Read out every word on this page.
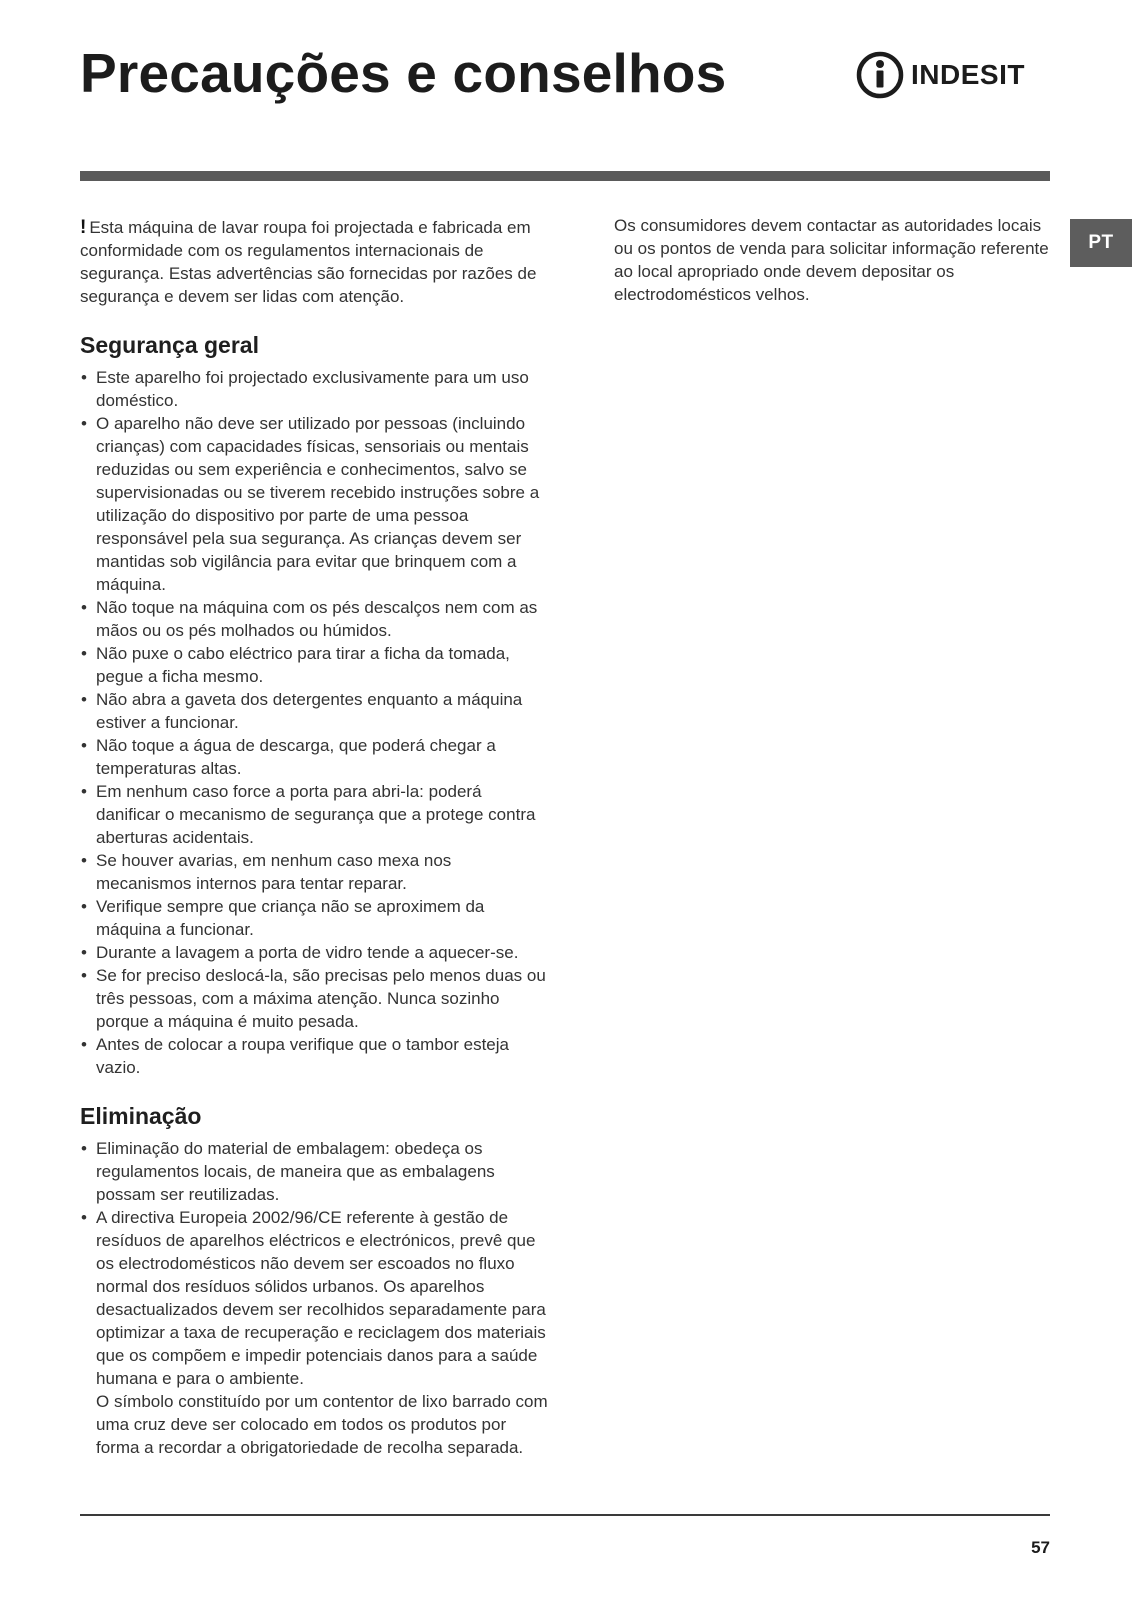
Precauções e conselhos	INDESIT
PT

! Esta máquina de lavar roupa foi projectada e fabricada em conformidade com os regulamentos internacionais de segurança. Estas advertências são fornecidas por razões de segurança e devem ser lidas com atenção.

Segurança geral
• Este aparelho foi projectado exclusivamente para um uso doméstico.
• O aparelho não deve ser utilizado por pessoas (incluindo crianças) com capacidades físicas, sensoriais ou mentais reduzidas ou sem experiência e conhecimentos, salvo se supervisionadas ou se tiverem recebido instruções sobre a utilização do dispositivo por parte de uma pessoa responsável pela sua segurança. As crianças devem ser mantidas sob vigilância para evitar que brinquem com a máquina.
• Não toque na máquina com os pés descalços nem com as mãos ou os pés molhados ou húmidos.
• Não puxe o cabo eléctrico para tirar a ficha da tomada, pegue a ficha mesmo.
• Não abra a gaveta dos detergentes enquanto a máquina estiver a funcionar.
• Não toque a água de descarga, que poderá chegar a temperaturas altas.
• Em nenhum caso force a porta para abri-la: poderá danificar o mecanismo de segurança que a protege contra aberturas acidentais.
• Se houver avarias, em nenhum caso mexa nos mecanismos internos para tentar reparar.
• Verifique sempre que criança não se aproximem da máquina a funcionar.
• Durante a lavagem a porta de vidro tende a aquecer-se.
• Se for preciso deslocá-la, são precisas pelo menos duas ou três pessoas, com a máxima atenção. Nunca sozinho porque a máquina é muito pesada.
• Antes de colocar a roupa verifique que o tambor esteja vazio.
Eliminação
• Eliminação do material de embalagem: obedeça os regulamentos locais, de maneira que as embalagens possam ser reutilizadas.
• A directiva Europeia 2002/96/CE referente à gestão de resíduos de aparelhos eléctricos e electrónicos, prevê que os electrodomésticos não devem ser escoados no fluxo normal dos resíduos sólidos urbanos. Os aparelhos desactualizados devem ser recolhidos separadamente para optimizar a taxa de recuperação e reciclagem dos materiais que os compõem e impedir potenciais danos para a saúde humana e para o ambiente.
O símbolo constituído por um contentor de lixo barrado com uma cruz deve ser colocado em todos os produtos por forma a recordar a obrigatoriedade de recolha separada.

Os consumidores devem contactar as autoridades locais ou os pontos de venda para solicitar informação referente ao local apropriado onde devem depositar os electrodomésticos velhos.

57
